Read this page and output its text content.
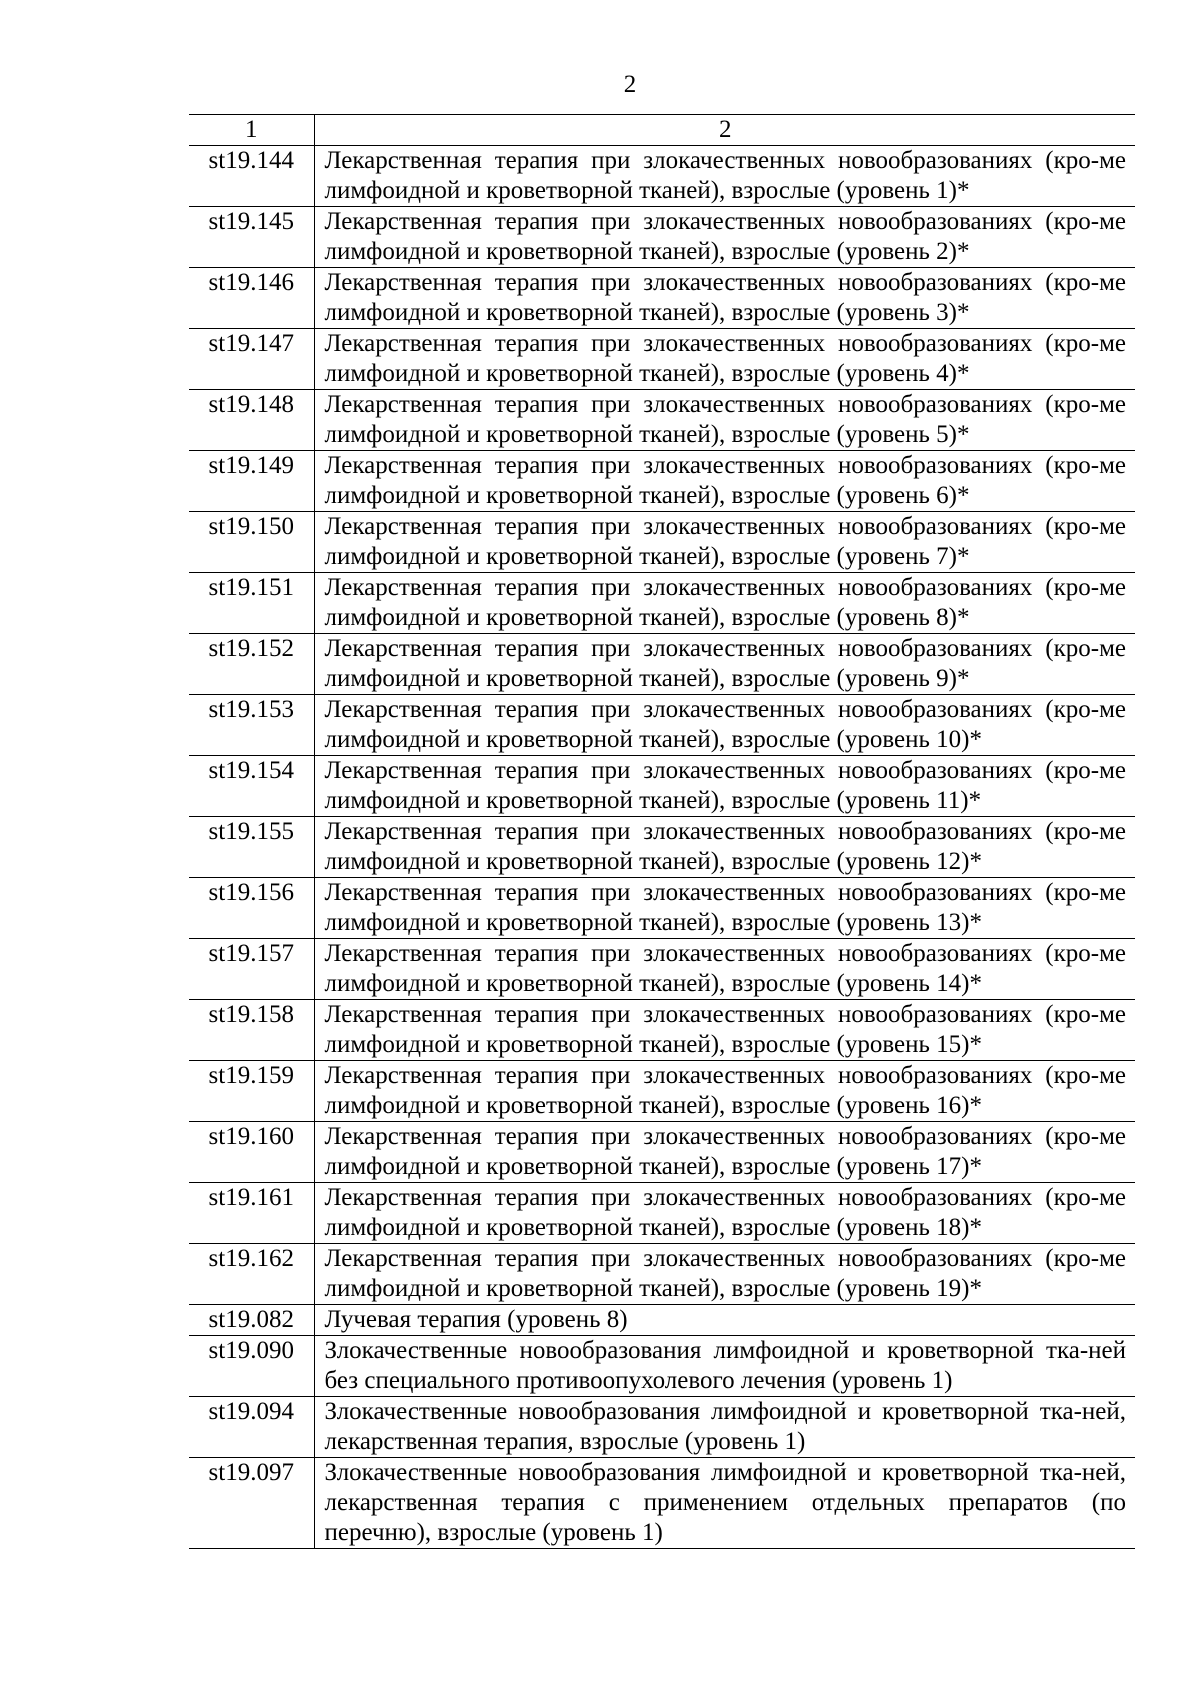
2
1	2
st19.144	Лекарственная терапия при злокачественных новообразованиях (кро-ме лимфоидной и кроветворной тканей), взрослые (уровень 1)*
st19.145	Лекарственная терапия при злокачественных новообразованиях (кро-ме лимфоидной и кроветворной тканей), взрослые (уровень 2)*
st19.146	Лекарственная терапия при злокачественных новообразованиях (кро-ме лимфоидной и кроветворной тканей), взрослые (уровень 3)*
st19.147	Лекарственная терапия при злокачественных новообразованиях (кро-ме лимфоидной и кроветворной тканей), взрослые (уровень 4)*
st19.148	Лекарственная терапия при злокачественных новообразованиях (кро-ме лимфоидной и кроветворной тканей), взрослые (уровень 5)*
st19.149	Лекарственная терапия при злокачественных новообразованиях (кро-ме лимфоидной и кроветворной тканей), взрослые (уровень 6)*
st19.150	Лекарственная терапия при злокачественных новообразованиях (кро-ме лимфоидной и кроветворной тканей), взрослые (уровень 7)*
st19.151	Лекарственная терапия при злокачественных новообразованиях (кро-ме лимфоидной и кроветворной тканей), взрослые (уровень 8)*
st19.152	Лекарственная терапия при злокачественных новообразованиях (кро-ме лимфоидной и кроветворной тканей), взрослые (уровень 9)*
st19.153	Лекарственная терапия при злокачественных новообразованиях (кро-ме лимфоидной и кроветворной тканей), взрослые (уровень 10)*
st19.154	Лекарственная терапия при злокачественных новообразованиях (кро-ме лимфоидной и кроветворной тканей), взрослые (уровень 11)*
st19.155	Лекарственная терапия при злокачественных новообразованиях (кро-ме лимфоидной и кроветворной тканей), взрослые (уровень 12)*
st19.156	Лекарственная терапия при злокачественных новообразованиях (кро-ме лимфоидной и кроветворной тканей), взрослые (уровень 13)*
st19.157	Лекарственная терапия при злокачественных новообразованиях (кро-ме лимфоидной и кроветворной тканей), взрослые (уровень 14)*
st19.158	Лекарственная терапия при злокачественных новообразованиях (кро-ме лимфоидной и кроветворной тканей), взрослые (уровень 15)*
st19.159	Лекарственная терапия при злокачественных новообразованиях (кро-ме лимфоидной и кроветворной тканей), взрослые (уровень 16)*
st19.160	Лекарственная терапия при злокачественных новообразованиях (кро-ме лимфоидной и кроветворной тканей), взрослые (уровень 17)*
st19.161	Лекарственная терапия при злокачественных новообразованиях (кро-ме лимфоидной и кроветворной тканей), взрослые (уровень 18)*
st19.162	Лекарственная терапия при злокачественных новообразованиях (кро-ме лимфоидной и кроветворной тканей), взрослые (уровень 19)*
st19.082	Лучевая терапия (уровень 8)
st19.090	Злокачественные новообразования лимфоидной и кроветворной тка-ней без специального противоопухолевого лечения (уровень 1)
st19.094	Злокачественные новообразования лимфоидной и кроветворной тка-ней, лекарственная терапия, взрослые (уровень 1)
st19.097	Злокачественные новообразования лимфоидной и кроветворной тка-ней, лекарственная терапия с применением отдельных препаратов (по перечню), взрослые (уровень 1)
